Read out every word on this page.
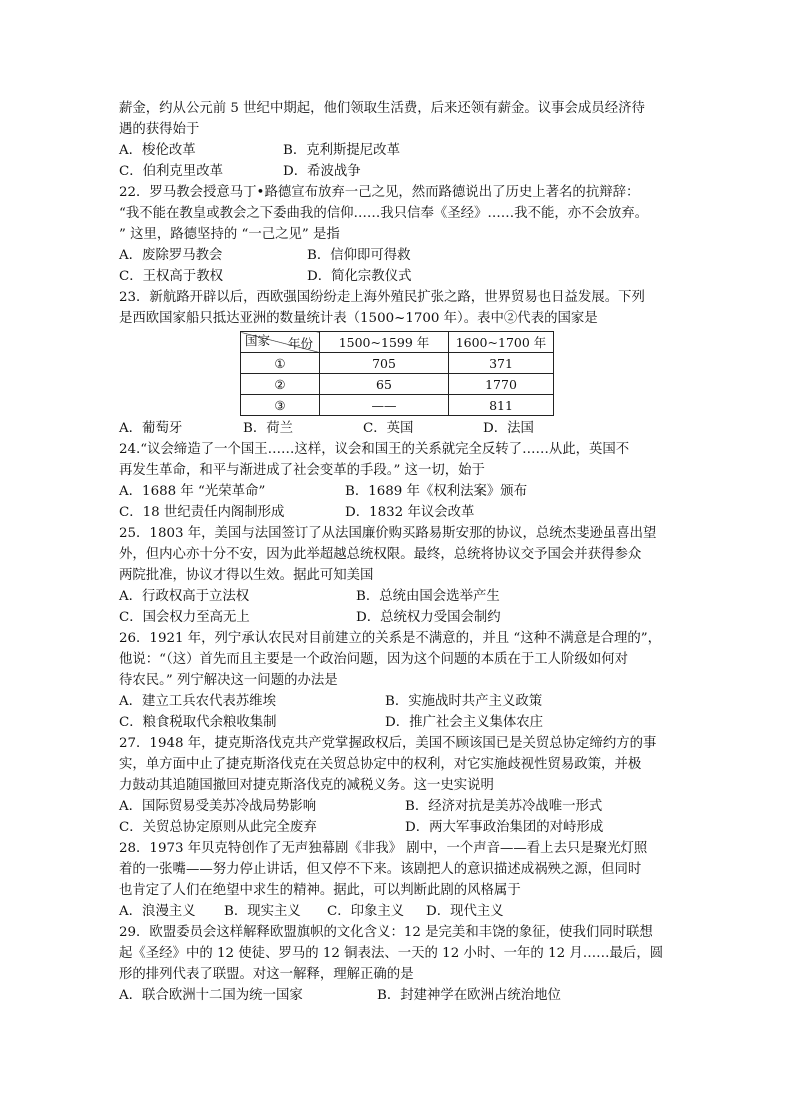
薪金，约从公元前 5 世纪中期起，他们领取生活费，后来还领有薪金。议事会成员经济待
遇的获得始于
A．梭伦改革	B．克利斯提尼改革
C．伯利克里改革	D．希波战争
22．罗马教会授意马丁•路德宣布放弃一己之见，然而路德说出了历史上著名的抗辩辞：
“我不能在教皇或教会之下委曲我的信仰……我只信奉《圣经》……我不能，亦不会放弃。
” 这里，路德坚持的 “一己之见” 是指
A．废除罗马教会	B．信仰即可得救
C．王权高于教权	D．简化宗教仪式
23．新航路开辟以后，西欧强国纷纷走上海外殖民扩张之路，世界贸易也日益发展。下列
是西欧国家船只抵达亚洲的数量统计表（1500~1700 年）。表中②代表的国家是
年份
国家	1500~1599 年	1600~1700 年
①	705	371
②	65	1770
③	——	811
A．葡萄牙	B．荷兰	C．英国	D．法国
24.“议会缔造了一个国王……这样，议会和国王的关系就完全反转了……从此，英国不
再发生革命，和平与渐进成了社会变革的手段。” 这一切，始于
A．1688 年 “光荣革命”	B．1689 年《权利法案》颁布
C．18 世纪责任内阁制形成	D．1832 年议会改革
25．1803 年，美国与法国签订了从法国廉价购买路易斯安那的协议，总统杰斐逊虽喜出望
外，但内心亦十分不安，因为此举超越总统权限。最终，总统将协议交予国会并获得参众
两院批准，协议才得以生效。据此可知美国
A．行政权高于立法权	B．总统由国会选举产生
C．国会权力至高无上	D．总统权力受国会制约
26．1921 年，列宁承认农民对目前建立的关系是不满意的，并且 “这种不满意是合理的”，
他说：“（这）首先而且主要是一个政治问题，因为这个问题的本质在于工人阶级如何对
待农民。” 列宁解决这一问题的办法是
A．建立工兵农代表苏维埃	B．实施战时共产主义政策
C．粮食税取代余粮收集制	D．推广社会主义集体农庄
27．1948 年，捷克斯洛伐克共产党掌握政权后，美国不顾该国已是关贸总协定缔约方的事
实，单方面中止了捷克斯洛伐克在关贸总协定中的权利，对它实施歧视性贸易政策，并极
力鼓动其追随国撤回对捷克斯洛伐克的减税义务。这一史实说明
A．国际贸易受美苏冷战局势影响	B．经济对抗是美苏冷战唯一形式
C．关贸总协定原则从此完全废弃	D．两大军事政治集团的对峙形成
28．1973 年贝克特创作了无声独幕剧《非我》 剧中，一个声音——看上去只是聚光灯照
着的一张嘴——努力停止讲话，但又停不下来。该剧把人的意识描述成祸殃之源，但同时
也肯定了人们在绝望中求生的精神。据此，可以判断此剧的风格属于
A．浪漫主义 B．现实主义 C．印象主义 D．现代主义
29．欧盟委员会这样解释欧盟旗帜的文化含义：12 是完美和丰饶的象征，使我们同时联想
起《圣经》中的 12 使徒、罗马的 12 铜表法、一天的 12 小时、一年的 12 月……最后，圆
形的排列代表了联盟。对这一解释，理解正确的是
A．联合欧洲十二国为统一国家	B．封建神学在欧洲占统治地位
